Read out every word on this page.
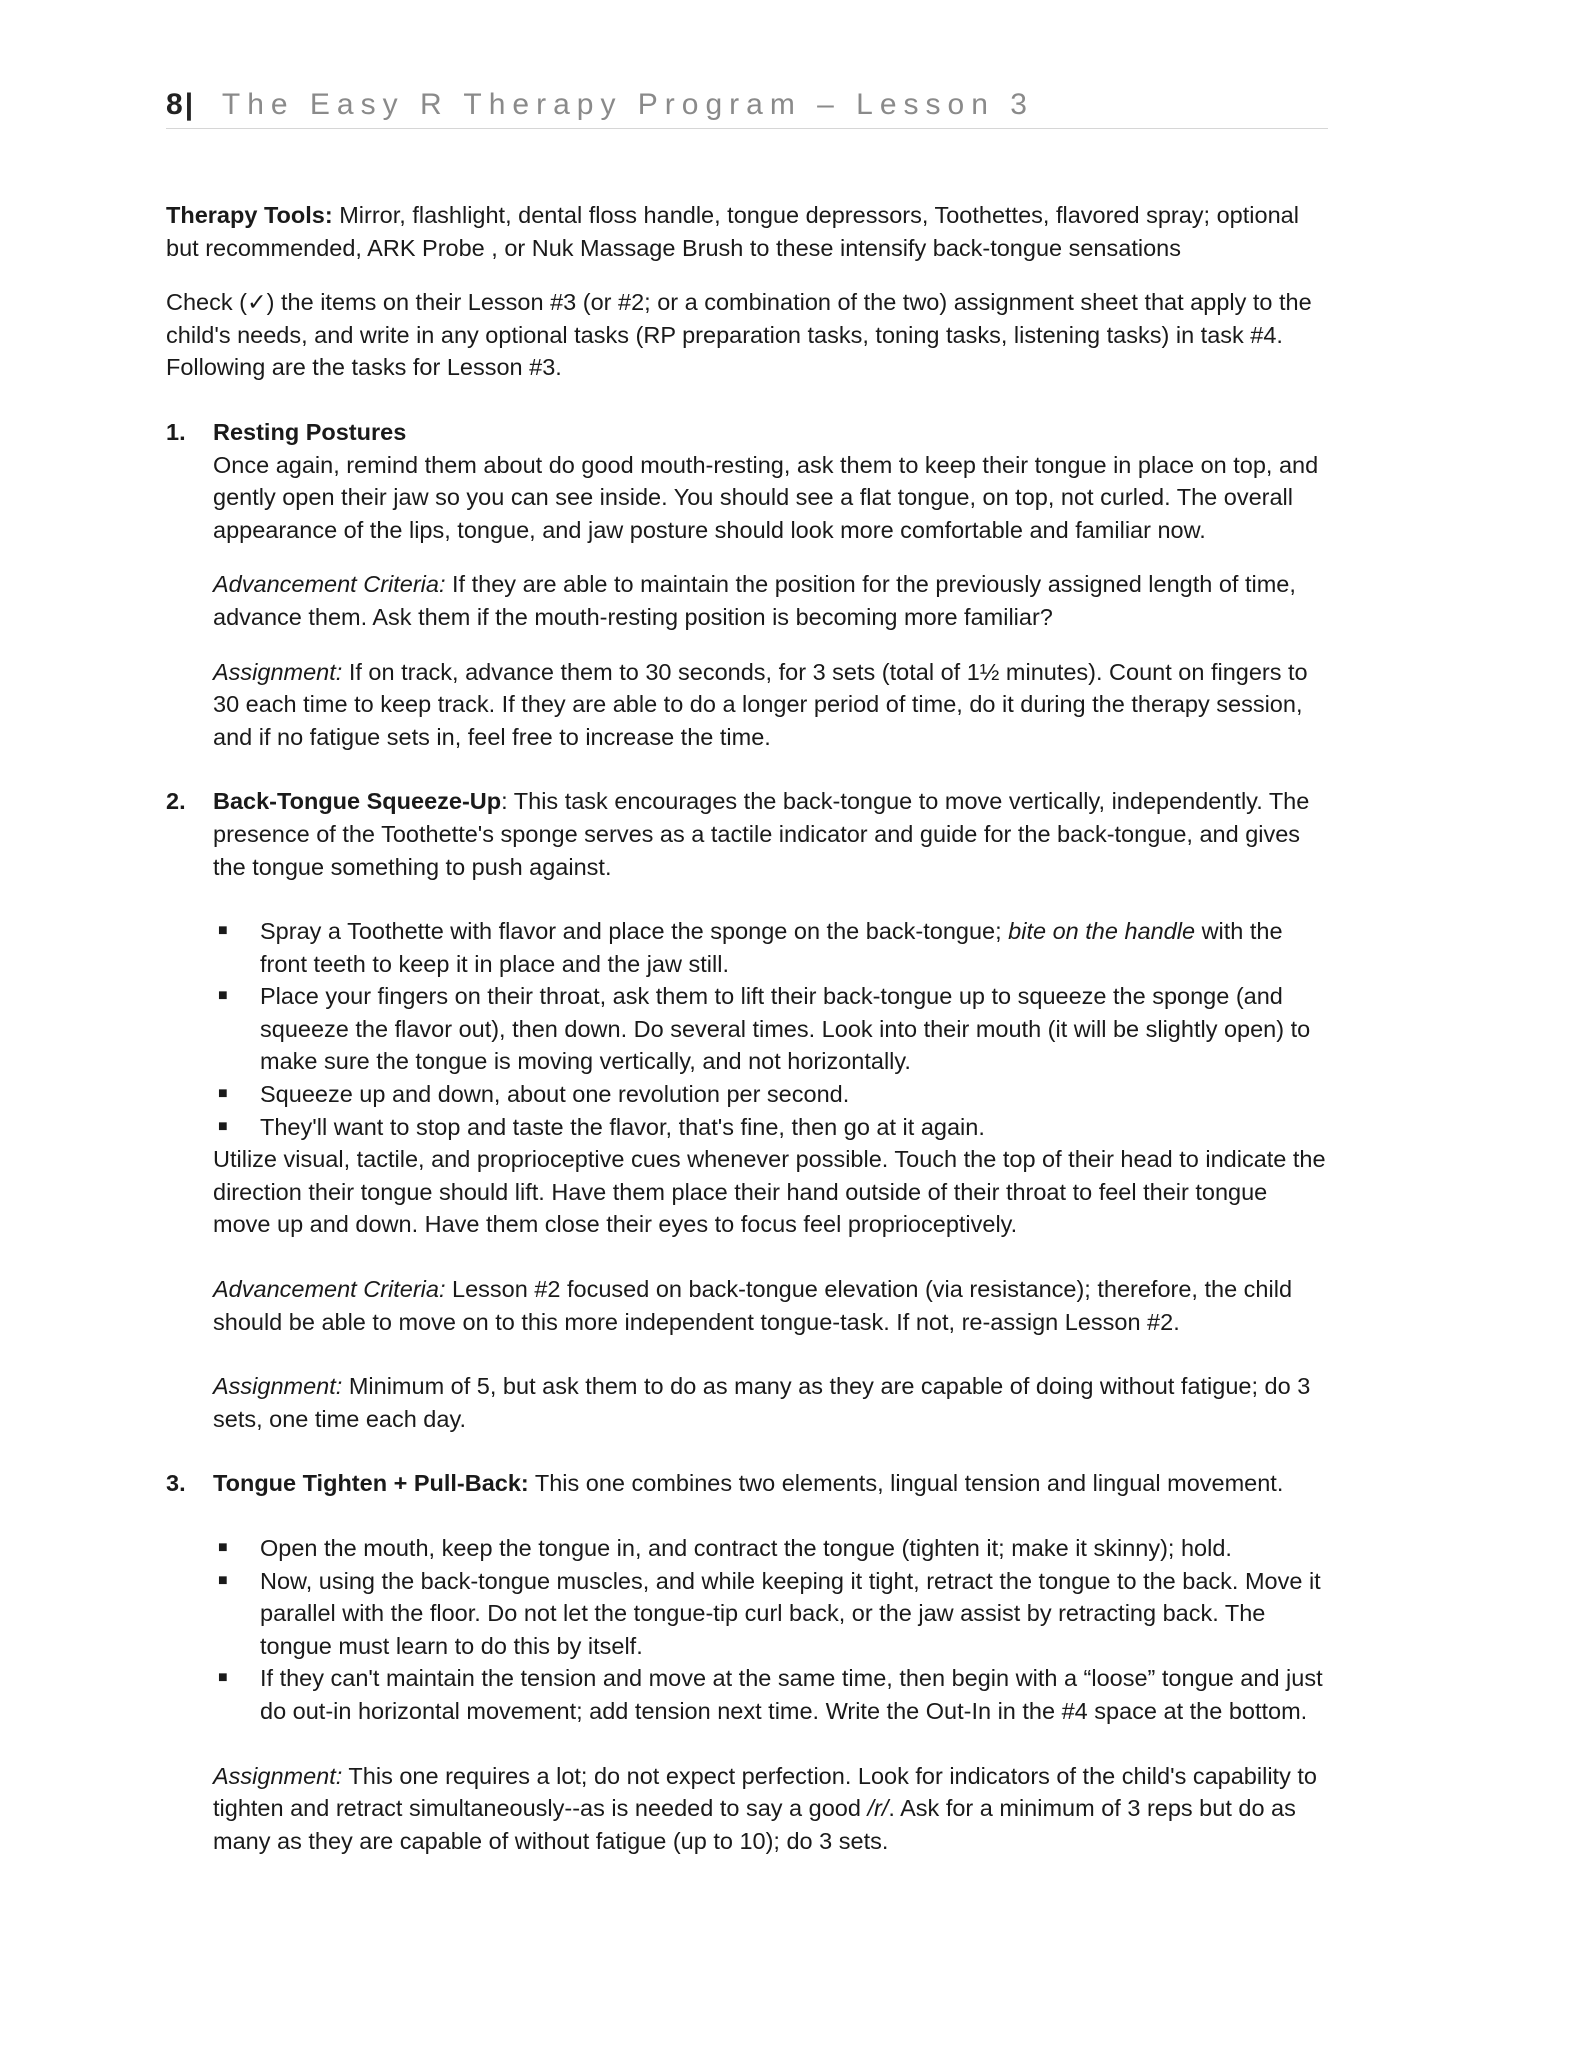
8| The Easy R Therapy Program – Lesson 3

Therapy Tools: Mirror, flashlight, dental floss handle, tongue depressors, Toothettes, flavored spray; optional but recommended, ARK Probe , or Nuk Massage Brush to these intensify back-tongue sensations

Check (✓) the items on their Lesson #3 (or #2; or a combination of the two) assignment sheet that apply to the child's needs, and write in any optional tasks (RP preparation tasks, toning tasks, listening tasks) in task #4. Following are the tasks for Lesson #3.

1. Resting Postures

Once again, remind them about do good mouth-resting, ask them to keep their tongue in place on top, and gently open their jaw so you can see inside. You should see a flat tongue, on top, not curled. The overall appearance of the lips, tongue, and jaw posture should look more comfortable and familiar now.

Advancement Criteria: If they are able to maintain the position for the previously assigned length of time, advance them. Ask them if the mouth-resting position is becoming more familiar?

Assignment: If on track, advance them to 30 seconds, for 3 sets (total of 1½ minutes). Count on fingers to 30 each time to keep track. If they are able to do a longer period of time, do it during the therapy session, and if no fatigue sets in, feel free to increase the time.

2. Back-Tongue Squeeze-Up: This task encourages the back-tongue to move vertically, independently. The presence of the Toothette's sponge serves as a tactile indicator and guide for the back-tongue, and gives the tongue something to push against.

■ Spray a Toothette with flavor and place the sponge on the back-tongue; bite on the handle with the front teeth to keep it in place and the jaw still.
■ Place your fingers on their throat, ask them to lift their back-tongue up to squeeze the sponge (and squeeze the flavor out), then down. Do several times. Look into their mouth (it will be slightly open) to make sure the tongue is moving vertically, and not horizontally.
■ Squeeze up and down, about one revolution per second.
■ They'll want to stop and taste the flavor, that's fine, then go at it again.

Utilize visual, tactile, and proprioceptive cues whenever possible. Touch the top of their head to indicate the direction their tongue should lift. Have them place their hand outside of their throat to feel their tongue move up and down. Have them close their eyes to focus feel proprioceptively.

Advancement Criteria: Lesson #2 focused on back-tongue elevation (via resistance); therefore, the child should be able to move on to this more independent tongue-task. If not, re-assign Lesson #2.

Assignment: Minimum of 5, but ask them to do as many as they are capable of doing without fatigue; do 3 sets, one time each day.

3. Tongue Tighten + Pull-Back: This one combines two elements, lingual tension and lingual movement.

■ Open the mouth, keep the tongue in, and contract the tongue (tighten it; make it skinny); hold.
■ Now, using the back-tongue muscles, and while keeping it tight, retract the tongue to the back. Move it parallel with the floor. Do not let the tongue-tip curl back, or the jaw assist by retracting back. The tongue must learn to do this by itself.
■ If they can't maintain the tension and move at the same time, then begin with a “loose” tongue and just do out-in horizontal movement; add tension next time. Write the Out-In in the #4 space at the bottom.

Assignment: This one requires a lot; do not expect perfection. Look for indicators of the child's capability to tighten and retract simultaneously--as is needed to say a good /r/. Ask for a minimum of 3 reps but do as many as they are capable of without fatigue (up to 10); do 3 sets.
